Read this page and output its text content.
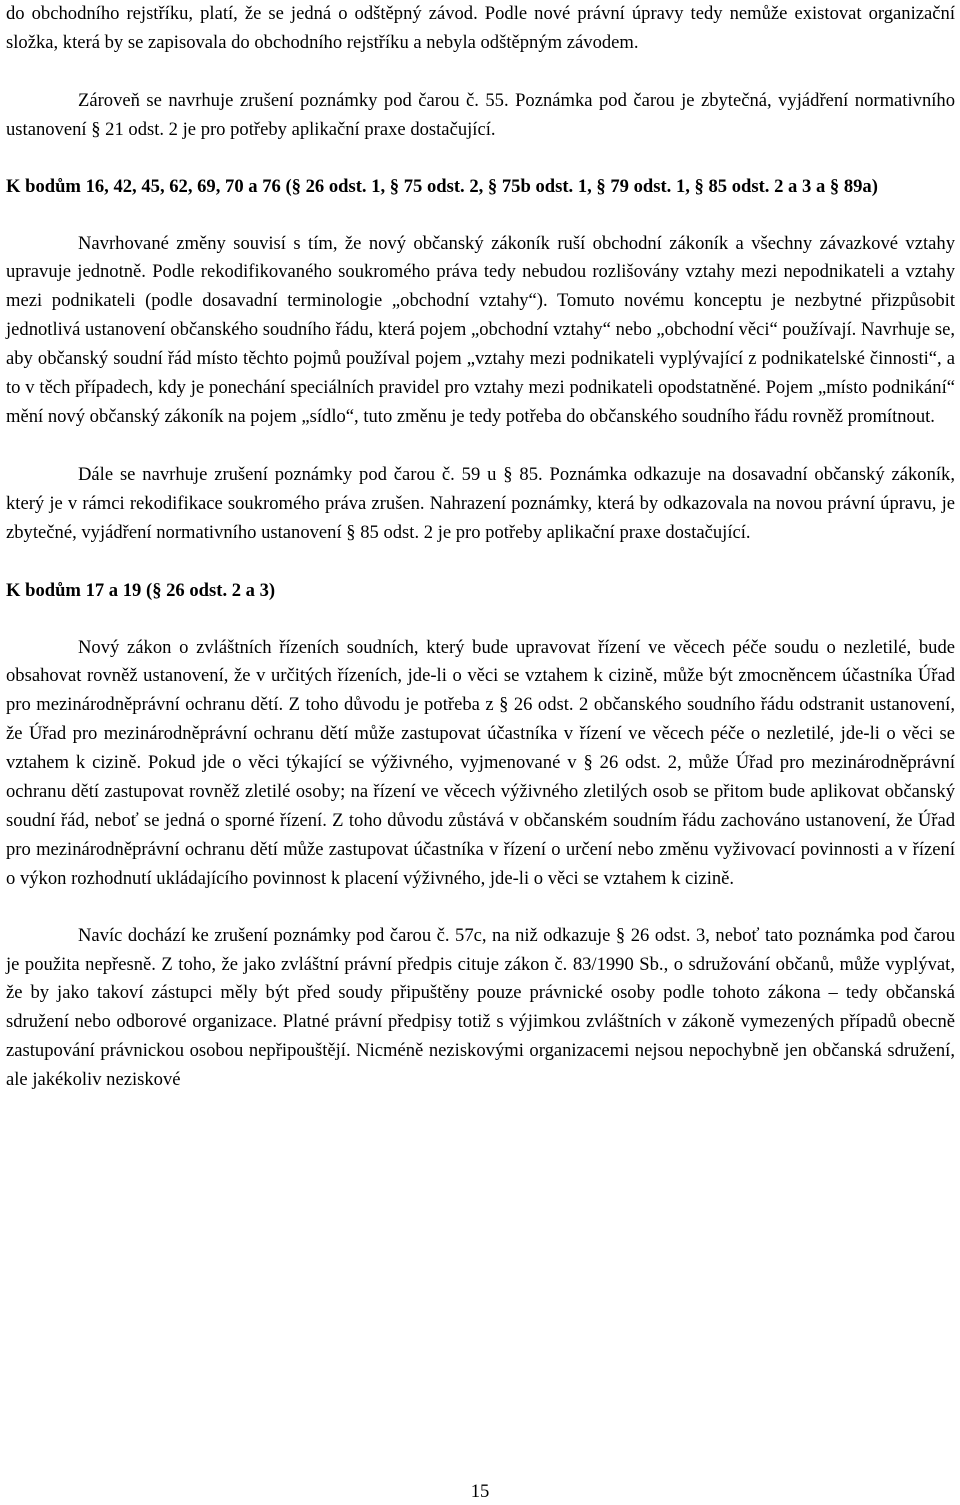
do obchodního rejstříku, platí, že se jedná o odštěpný závod. Podle nové právní úpravy tedy nemůže existovat organizační složka, která by se zapisovala do obchodního rejstříku a nebyla odštěpným závodem.

Zároveň se navrhuje zrušení poznámky pod čarou č. 55. Poznámka pod čarou je zbytečná, vyjádření normativního ustanovení § 21 odst. 2 je pro potřeby aplikační praxe dostačující.

K bodům 16, 42, 45, 62, 69, 70 a 76 (§ 26 odst. 1, § 75 odst. 2, § 75b odst. 1, § 79 odst. 1, § 85 odst. 2 a 3 a § 89a)

Navrhované změny souvisí s tím, že nový občanský zákoník ruší obchodní zákoník a všechny závazkové vztahy upravuje jednotně. Podle rekodifikovaného soukromého práva tedy nebudou rozlišovány vztahy mezi nepodnikateli a vztahy mezi podnikateli (podle dosavadní terminologie „obchodní vztahy“). Tomuto novému konceptu je nezbytné přizpůsobit jednotlivá ustanovení občanského soudního řádu, která pojem „obchodní vztahy“ nebo „obchodní věci“ používají. Navrhuje se, aby občanský soudní řád místo těchto pojmů používal pojem „vztahy mezi podnikateli vyplývající z podnikatelské činnosti“, a to v těch případech, kdy je ponechání speciálních pravidel pro vztahy mezi podnikateli opodstatněné. Pojem „místo podnikání“ mění nový občanský zákoník na pojem „sídlo“, tuto změnu je tedy potřeba do občanského soudního řádu rovněž promítnout.

Dále se navrhuje zrušení poznámky pod čarou č. 59 u § 85. Poznámka odkazuje na dosavadní občanský zákoník, který je v rámci rekodifikace soukromého práva zrušen. Nahrazení poznámky, která by odkazovala na novou právní úpravu, je zbytečné, vyjádření normativního ustanovení § 85 odst. 2 je pro potřeby aplikační praxe dostačující.

K bodům 17 a 19 (§ 26 odst. 2 a 3)

Nový zákon o zvláštních řízeních soudních, který bude upravovat řízení ve věcech péče soudu o nezletilé, bude obsahovat rovněž ustanovení, že v určitých řízeních, jde-li o věci se vztahem k cizině, může být zmocněncem účastníka Úřad pro mezinárodněprávní ochranu dětí. Z toho důvodu je potřeba z § 26 odst. 2 občanského soudního řádu odstranit ustanovení, že Úřad pro mezinárodněprávní ochranu dětí může zastupovat účastníka v řízení ve věcech péče o nezletilé, jde-li o věci se vztahem k cizině. Pokud jde o věci týkající se výživného, vyjmenované v § 26 odst. 2, může Úřad pro mezinárodněprávní ochranu dětí zastupovat rovněž zletilé osoby; na řízení ve věcech výživného zletilých osob se přitom bude aplikovat občanský soudní řád, neboť se jedná o sporné řízení. Z toho důvodu zůstává v občanském soudním řádu zachováno ustanovení, že Úřad pro mezinárodněprávní ochranu dětí může zastupovat účastníka v řízení o určení nebo změnu vyživovací povinnosti a v řízení o výkon rozhodnutí ukládajícího povinnost k placení výživného, jde-li o věci se vztahem k cizině.

Navíc dochází ke zrušení poznámky pod čarou č. 57c, na niž odkazuje § 26 odst. 3, neboť tato poznámka pod čarou je použita nepřesně. Z toho, že jako zvláštní právní předpis cituje zákon č. 83/1990 Sb., o sdružování občanů, může vyplývat, že by jako takoví zástupci měly být před soudy připuštěny pouze právnické osoby podle tohoto zákona – tedy občanská sdružení nebo odborové organizace. Platné právní předpisy totiž s výjimkou zvláštních v zákoně vymezených případů obecně zastupování právnickou osobou nepřipouštějí. Nicméně neziskovými organizacemi nejsou nepochybně jen občanská sdružení, ale jakékoliv neziskové

15
